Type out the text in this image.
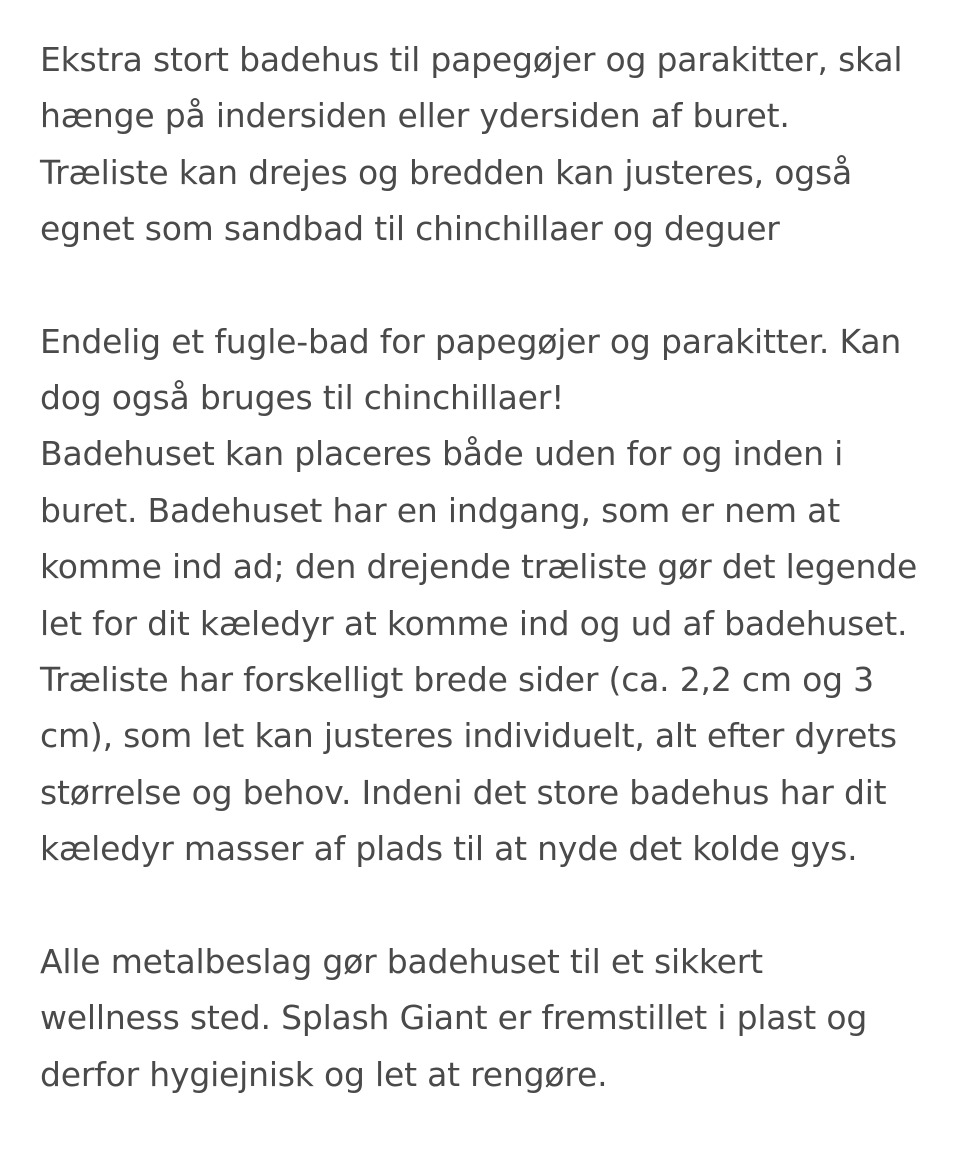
Ekstra stort badehus til papegøjer og parakitter, skal
hænge på indersiden eller ydersiden af buret.
Træliste kan drejes og bredden kan justeres, også
egnet som sandbad til chinchillaer og deguer

Endelig et fugle-bad for papegøjer og parakitter. Kan
dog også bruges til chinchillaer!
Badehuset kan placeres både uden for og inden i
buret. Badehuset har en indgang, som er nem at
komme ind ad; den drejende træliste gør det legende
let for dit kæledyr at komme ind og ud af badehuset.
Træliste har forskelligt brede sider (ca. 2,2 cm og 3
cm), som let kan justeres individuelt, alt efter dyrets
størrelse og behov. Indeni det store badehus har dit
kæledyr masser af plads til at nyde det kolde gys.

Alle metalbeslag gør badehuset til et sikkert
wellness sted. Splash Giant er fremstillet i plast og
derfor hygiejnisk og let at rengøre.
